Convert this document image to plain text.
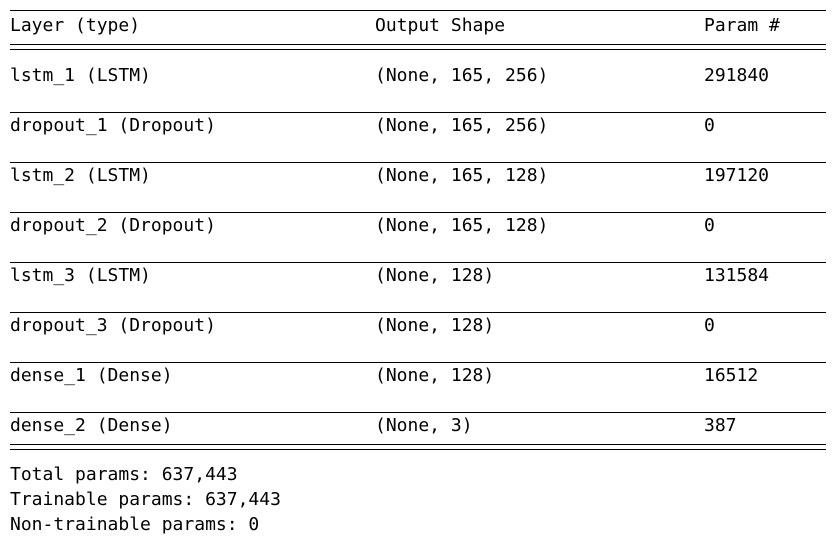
Layer (type)	Output Shape	Param #
lstm_1 (LSTM)	(None, 165, 256)	291840
dropout_1 (Dropout)	(None, 165, 256)	0
lstm_2 (LSTM)	(None, 165, 128)	197120
dropout_2 (Dropout)	(None, 165, 128)	0
lstm_3 (LSTM)	(None, 128)	131584
dropout_3 (Dropout)	(None, 128)	0
dense_1 (Dense)	(None, 128)	16512
dense_2 (Dense)	(None, 3)	387
Total params: 637,443
Trainable params: 637,443
Non-trainable params: 0
